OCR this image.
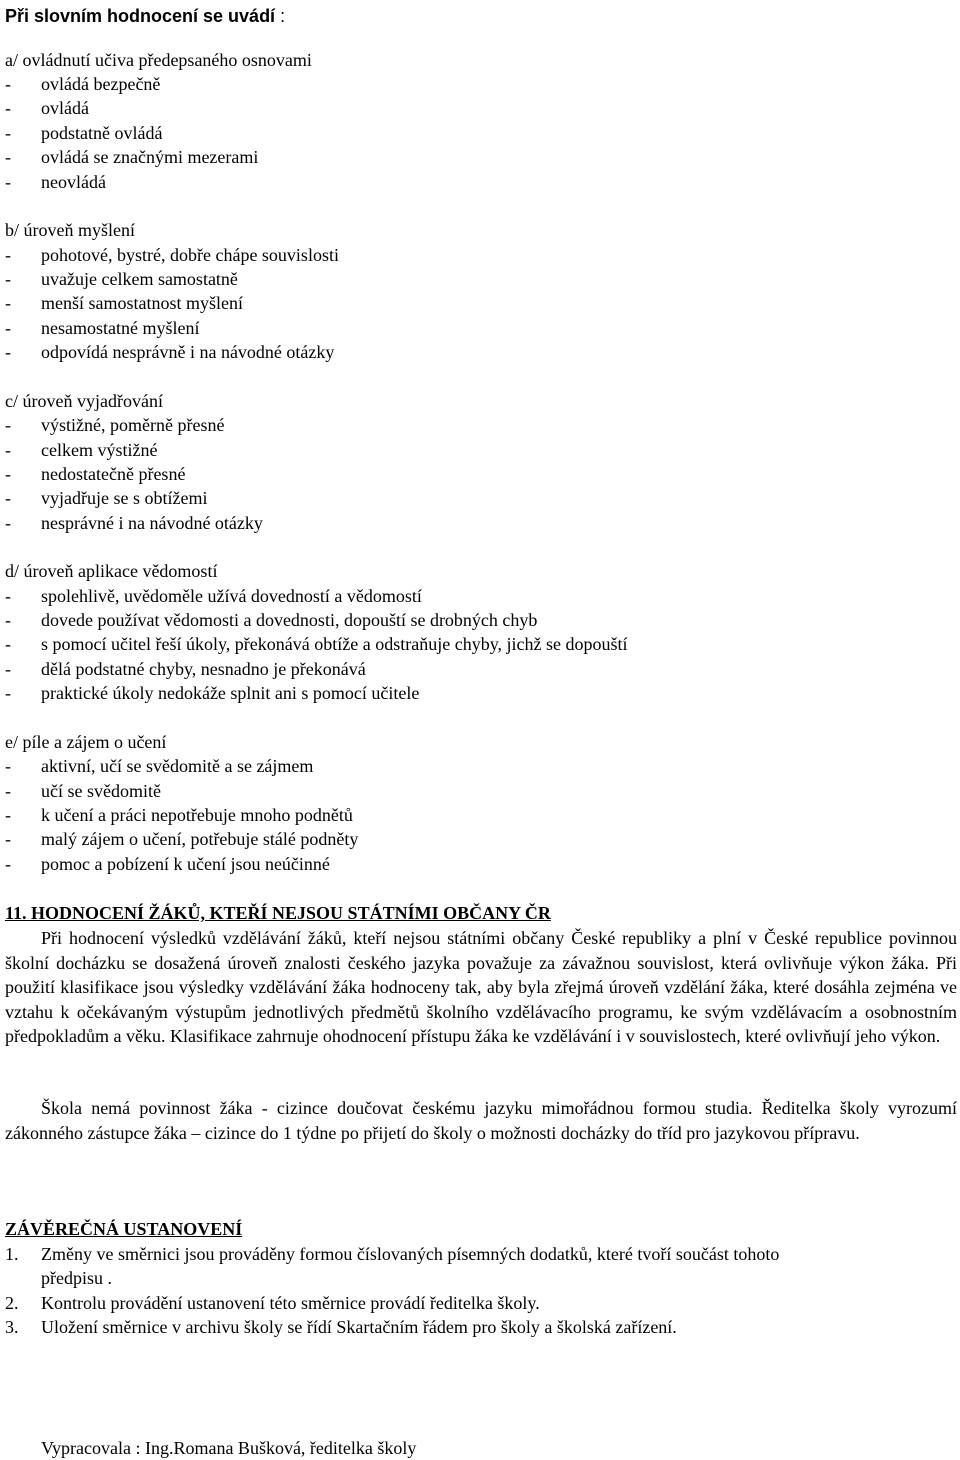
Při slovním hodnocení se uvádí :
a/ ovládnutí učiva předepsaného osnovami
- ovládá bezpečně
- ovládá
- podstatně ovládá
- ovládá se značnými mezerami
- neovládá
b/ úroveň myšlení
- pohotové, bystré, dobře chápe souvislosti
- uvažuje celkem samostatně
- menší samostatnost myšlení
- nesamostatné myšlení
- odpovídá nesprávně i na návodné otázky
c/ úroveň vyjadřování
- výstižné, poměrně přesné
- celkem výstižné
- nedostatečně přesné
- vyjadřuje se s obtížemi
- nesprávné i na návodné otázky
d/ úroveň aplikace vědomostí
- spolehlivě, uvědoměle užívá dovedností a vědomostí
- dovede používat vědomosti a dovednosti, dopouští se drobných chyb
- s pomocí učitel řeší úkoly, překonává obtíže a odstraňuje chyby, jichž se dopouští
- dělá podstatné chyby, nesnadno je překonává
- praktické úkoly nedokáže splnit ani s pomocí učitele
e/ píle a zájem o učení
- aktivní, učí se svědomitě a se zájmem
- učí se svědomitě
- k učení a práci nepotřebuje mnoho podnětů
- malý zájem o učení, potřebuje stálé podněty
- pomoc a pobízení k učení jsou neúčinné
11. HODNOCENÍ ŽÁKŮ, KTEŘÍ NEJSOU STÁTNÍMI OBČANY ČR
Při hodnocení výsledků vzdělávání žáků, kteří nejsou státními občany České republiky a plní v České republice povinnou školní docházku se dosažená úroveň znalosti českého jazyka považuje za závažnou souvislost, která ovlivňuje výkon žáka. Při použití klasifikace jsou výsledky vzdělávání žáka hodnoceny tak, aby byla zřejmá úroveň vzdělání žáka, které dosáhla zejména ve vztahu k očekávaným výstupům jednotlivých předmětů školního vzdělávacího programu, ke svým vzdělávacím a osobnostním předpokladům a věku. Klasifikace zahrnuje ohodnocení přístupu žáka ke vzdělávání i v souvislostech, které ovlivňují jeho výkon.
Škola nemá povinnost žáka - cizince doučovat českému jazyku mimořádnou formou studia. Ředitelka školy vyrozumí zákonného zástupce žáka – cizince do 1 týdne po přijetí do školy o možnosti docházky do tříd pro jazykovou přípravu.
ZÁVĚREČNÁ USTANOVENÍ
1. Změny ve směrnici jsou prováděny formou číslovaných písemných dodatků, které tvoří součást tohoto
předpisu .
2. Kontrolu provádění ustanovení této směrnice provádí ředitelka školy.
3. Uložení směrnice v archivu školy se řídí Skartačním řádem pro školy a školská zařízení.
Vypracovala : Ing.Romana Bušková, ředitelka školy
